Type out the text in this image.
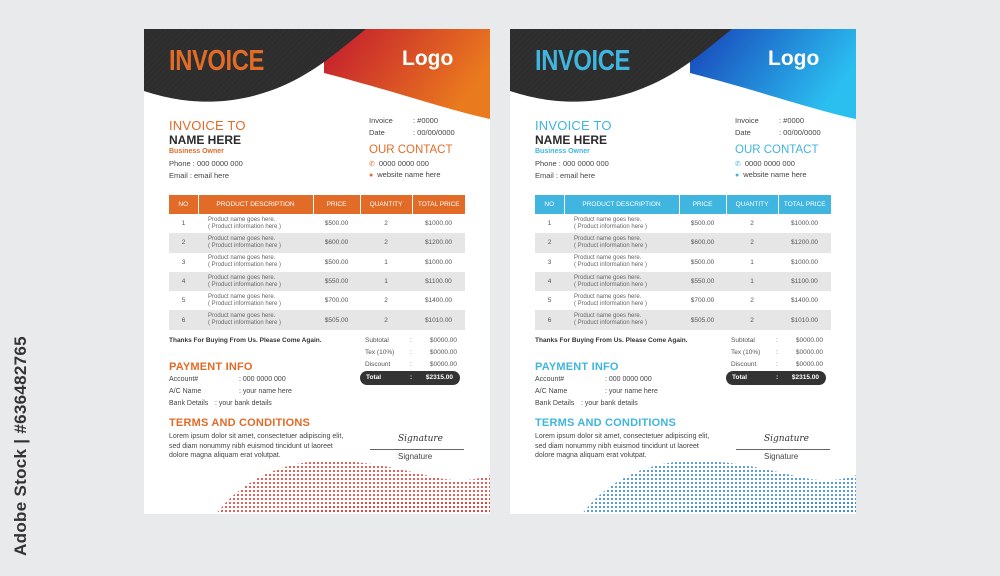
Adobe Stock | #636482765
INVOICE	Logo
INVOICE TO
NAME HERE
Business Owner
Phone : 000 0000 000
Email : email here
Invoice	: #0000
Date	: 00/00/0000
OUR CONTACT
✆ 0000 0000 000
● website name here
NO	PRODUCT DESCRIPTION	PRICE	QUANTITY	TOTAL PRICE
1	Product name goes here.
( Product information here )	$500.00	2	$1000.00
2	Product name goes here.
( Product information here )	$600.00	2	$1200.00
3	Product name goes here.
( Product information here )	$500.00	1	$1000.00
4	Product name goes here.
( Product information here )	$550.00	1	$1100.00
5	Product name goes here.
( Product information here )	$700.00	2	$1400.00
6	Product name goes here.
( Product information here )	$505.00	2	$1010.00
Thanks For Buying From Us. Please Come Again.	Subtotal	:	$0000.00
Tex (10%) :	$0000.00
Discount	:	$0000.00
Total	: $2315.00
PAYMENT INFO
Account#	: 000 0000 000
A/C Name	: your name here
Bank Details : your bank details
TERMS AND CONDITIONS
Lorem ipsum dolor sit amet, consectetuer adipiscing elit, sed diam nonummy nibh euismod tincidunt ut laoreet dolore magna aliquam erat volutpat.
Signature
Signature
INVOICE	Logo
INVOICE TO
NAME HERE
Business Owner
Phone : 000 0000 000
Email : email here
Invoice	: #0000
Date	: 00/00/0000
OUR CONTACT
✆ 0000 0000 000
● website name here
NO	PRODUCT DESCRIPTION	PRICE	QUANTITY	TOTAL PRICE
1	Product name goes here.
( Product information here )	$500.00	2	$1000.00
2	Product name goes here.
( Product information here )	$600.00	2	$1200.00
3	Product name goes here.
( Product information here )	$500.00	1	$1000.00
4	Product name goes here.
( Product information here )	$550.00	1	$1100.00
5	Product name goes here.
( Product information here )	$700.00	2	$1400.00
6	Product name goes here.
( Product information here )	$505.00	2	$1010.00
Thanks For Buying From Us. Please Come Again.	Subtotal	:	$0000.00
Tex (10%) :	$0000.00
Discount	:	$0000.00
Total	: $2315.00
PAYMENT INFO
Account#	: 000 0000 000
A/C Name	: your name here
Bank Details : your bank details
TERMS AND CONDITIONS
Lorem ipsum dolor sit amet, consectetuer adipiscing elit, sed diam nonummy nibh euismod tincidunt ut laoreet dolore magna aliquam erat volutpat.
Signature
Signature
